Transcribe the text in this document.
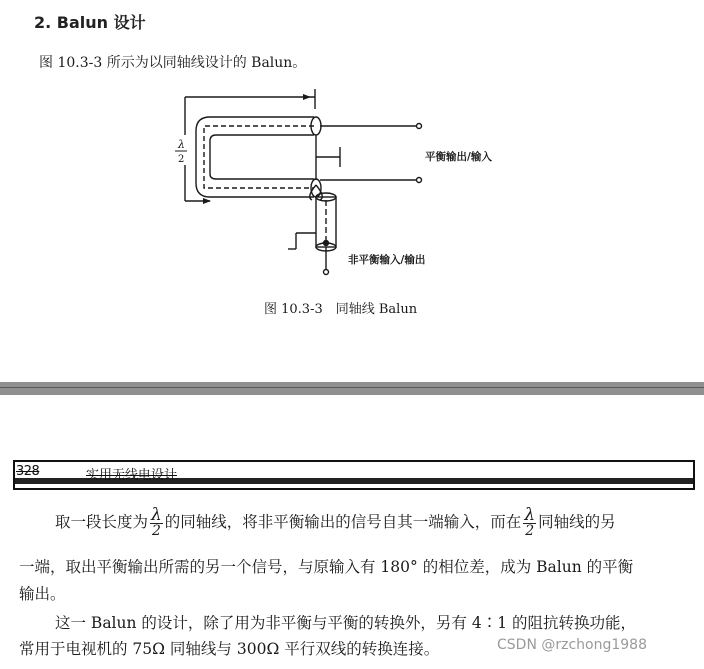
2. Balun 设计
图 10.3-3 所示为以同轴线设计的 Balun。
λ
2	平衡输出/输入
非平衡输入/输出
图 10.3-3　同轴线 Balun
328	实用无线电设计
取一段长度为 $\frac{\lambda}{2}$ 的同轴线，将非平衡输出的信号自其一端输入，而在 $\frac{\lambda}{2}$ 同轴线的另
一端，取出平衡输出所需的另一个信号，与原输入有 180° 的相位差，成为 Balun 的平衡
输出。
这一 Balun 的设计，除了用为非平衡与平衡的转换外，另有 4∶1 的阻抗转换功能，
常用于电视机的 75Ω 同轴线与 300Ω 平行双线的转换连接。	CSDN @rzchong1988
